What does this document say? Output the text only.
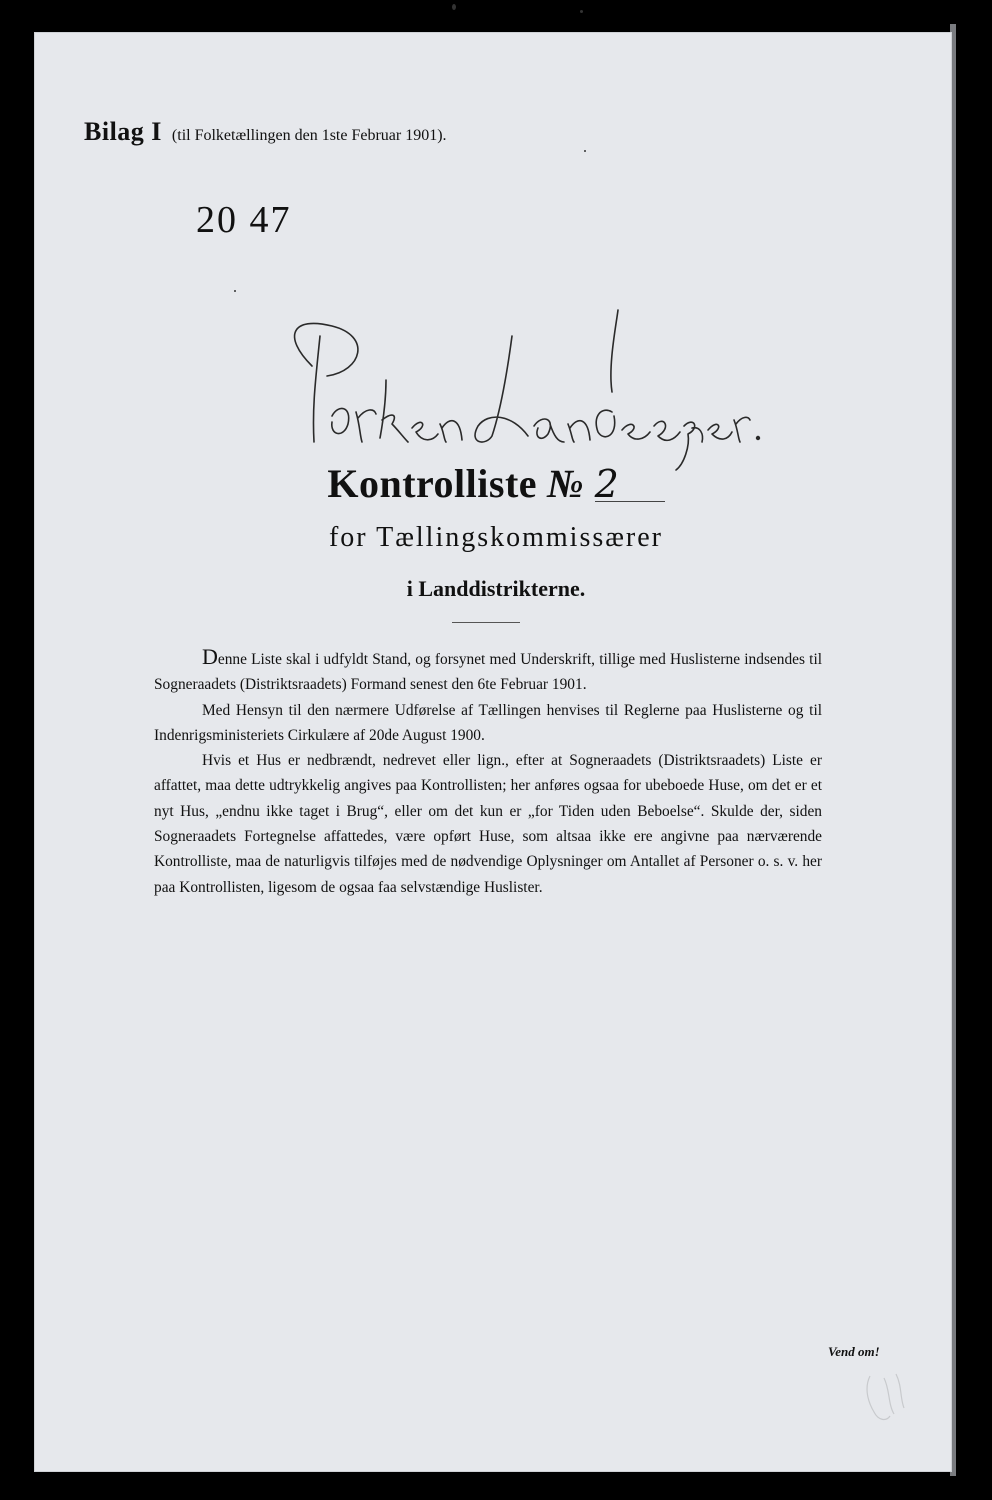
Bilag I (til Folketællingen den 1ste Februar 1901).
20 47
Kontrolliste № 2
for Tællingskommissærer
i Landdistrikterne.

Denne Liste skal i udfyldt Stand, og forsynet med Underskrift, tillige med Huslisterne indsendes til Sogneraadets (Distriktsraadets) Formand senest den 6te Februar 1901.

Med Hensyn til den nærmere Udførelse af Tællingen henvises til Reglerne paa Huslisterne og til Indenrigsministeriets Cirkulære af 20de August 1900.

Hvis et Hus er nedbrændt, nedrevet eller lign., efter at Sogneraadets (Distriktsraadets) Liste er affattet, maa dette udtrykkelig angives paa Kontrollisten; her anføres ogsaa for ubeboede Huse, om det er et nyt Hus, „endnu ikke taget i Brug“, eller om det kun er „for Tiden uden Beboelse“. Skulde der, siden Sogneraadets Fortegnelse affattedes, være opført Huse, som altsaa ikke ere angivne paa nærværende Kontrolliste, maa de naturligvis tilføjes med de nødvendige Oplysninger om Antallet af Personer o. s. v. her paa Kontrollisten, ligesom de ogsaa faa selvstændige Huslister.

Vend om!
